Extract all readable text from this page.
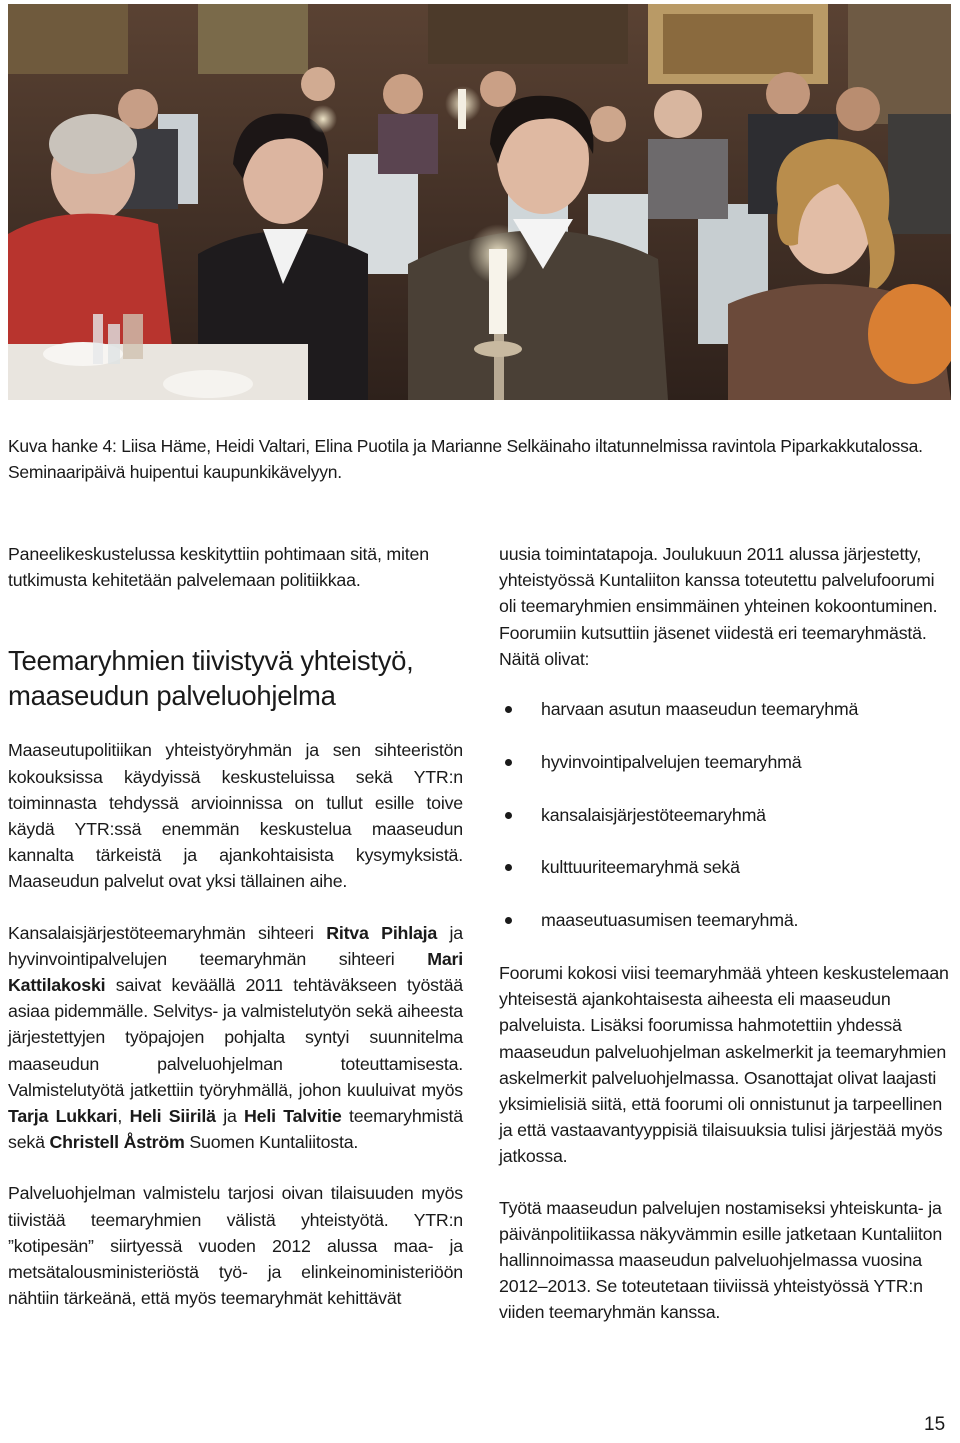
Kuva hanke 4: Liisa Häme, Heidi Valtari, Elina Puotila ja Marianne Selkäinaho iltatunnelmissa ravintola Piparkakkutalossa.
Seminaaripäivä huipentui kaupunkikävelyyn.

Paneelikeskustelussa keskityttiin pohtimaan sitä, miten tutkimusta kehitetään palvelemaan politiikkaa.

Teemaryhmien tiivistyvä yhteistyö, maaseudun palveluohjelma

Maaseutupolitiikan yhteistyöryhmän ja sen sihteeristön kokouksissa käydyissä keskusteluissa sekä YTR:n toiminnasta tehdyssä arvioinnissa on tullut esille toive käydä YTR:ssä enemmän keskustelua maaseudun kannalta tärkeistä ja ajankohtaisista kysymyksistä. Maaseudun palvelut ovat yksi tällainen aihe.

Kansalaisjärjestöteemaryhmän sihteeri Ritva Pihlaja ja hyvinvointipalvelujen teemaryhmän sihteeri Mari Kattilakoski saivat keväällä 2011 tehtäväkseen työstää asiaa pidemmälle. Selvitys- ja valmistelutyön sekä aiheesta järjestettyjen työpajojen pohjalta syntyi suunnitelma maaseudun palveluohjelman toteuttamisesta. Valmistelutyötä jatkettiin työryhmällä, johon kuuluivat myös Tarja Lukkari, Heli Siirilä ja Heli Talvitie teemaryhmistä sekä Christell Åström Suomen Kuntaliitosta.

Palveluohjelman valmistelu tarjosi oivan tilaisuuden myös tiivistää teemaryhmien välistä yhteistyötä. YTR:n ”kotipesän” siirtyessä vuoden 2012 alussa maa- ja metsätalousministeriöstä työ- ja elinkeinoministeriöön nähtiin tärkeänä, että myös teemaryhmät kehittävät

uusia toimintatapoja. Joulukuun 2011 alussa järjestetty, yhteistyössä Kuntaliiton kanssa toteutettu palvelufoorumi oli teemaryhmien ensimmäinen yhteinen kokoontuminen. Foorumiin kutsuttiin jäsenet viidestä eri teemaryhmästä. Näitä olivat:

harvaan asutun maaseudun teemaryhmä
hyvinvointipalvelujen teemaryhmä
kansalaisjärjestöteemaryhmä
kulttuuriteemaryhmä sekä
maaseutuasumisen teemaryhmä.

Foorumi kokosi viisi teemaryhmää yhteen keskustelemaan yhteisestä ajankohtaisesta aiheesta eli maaseudun palveluista. Lisäksi foorumissa hahmotettiin yhdessä maaseudun palveluohjelman askelmerkit ja teemaryhmien askelmerkit palveluohjelmassa. Osanottajat olivat laajasti yksimielisiä siitä, että foorumi oli onnistunut ja tarpeellinen ja että vastaavantyyppisiä tilaisuuksia tulisi järjestää myös jatkossa.

Työtä maaseudun palvelujen nostamiseksi yhteiskunta- ja päivänpolitiikassa näkyvämmin esille jatketaan Kuntaliiton hallinnoimassa maaseudun palveluohjelmassa vuosina 2012–2013. Se toteutetaan tiiviissä yhteistyössä YTR:n viiden teemaryhmän kanssa.

15
